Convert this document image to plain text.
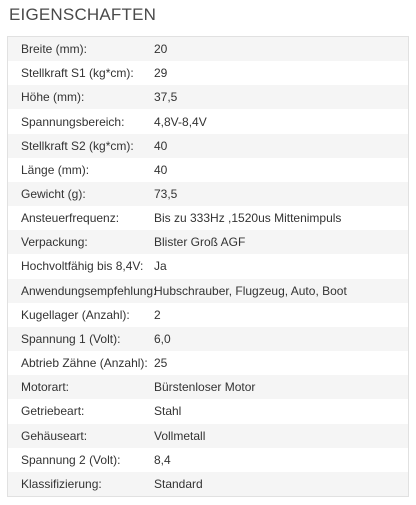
EIGENSCHAFTEN
Breite (mm):	20
Stellkraft S1 (kg*cm):	29
Höhe (mm):	37,5
Spannungsbereich:	4,8V-8,4V
Stellkraft S2 (kg*cm):	40
Länge (mm):	40
Gewicht (g):	73,5
Ansteuerfrequenz:	Bis zu 333Hz ,1520us Mittenimpuls
Verpackung:	Blister Groß AGF
Hochvoltfähig bis 8,4V: Ja
Anwendungsempfehlung:
Hubschrauber, Flugzeug, Auto, Boot
Kugellager (Anzahl):	2
Spannung 1 (Volt):	6,0
Abtrieb Zähne (Anzahl): 25
Motorart:	Bürstenloser Motor
Getriebeart:	Stahl
Gehäuseart:	Vollmetall
Spannung 2 (Volt):	8,4
Klassifizierung:	Standard
